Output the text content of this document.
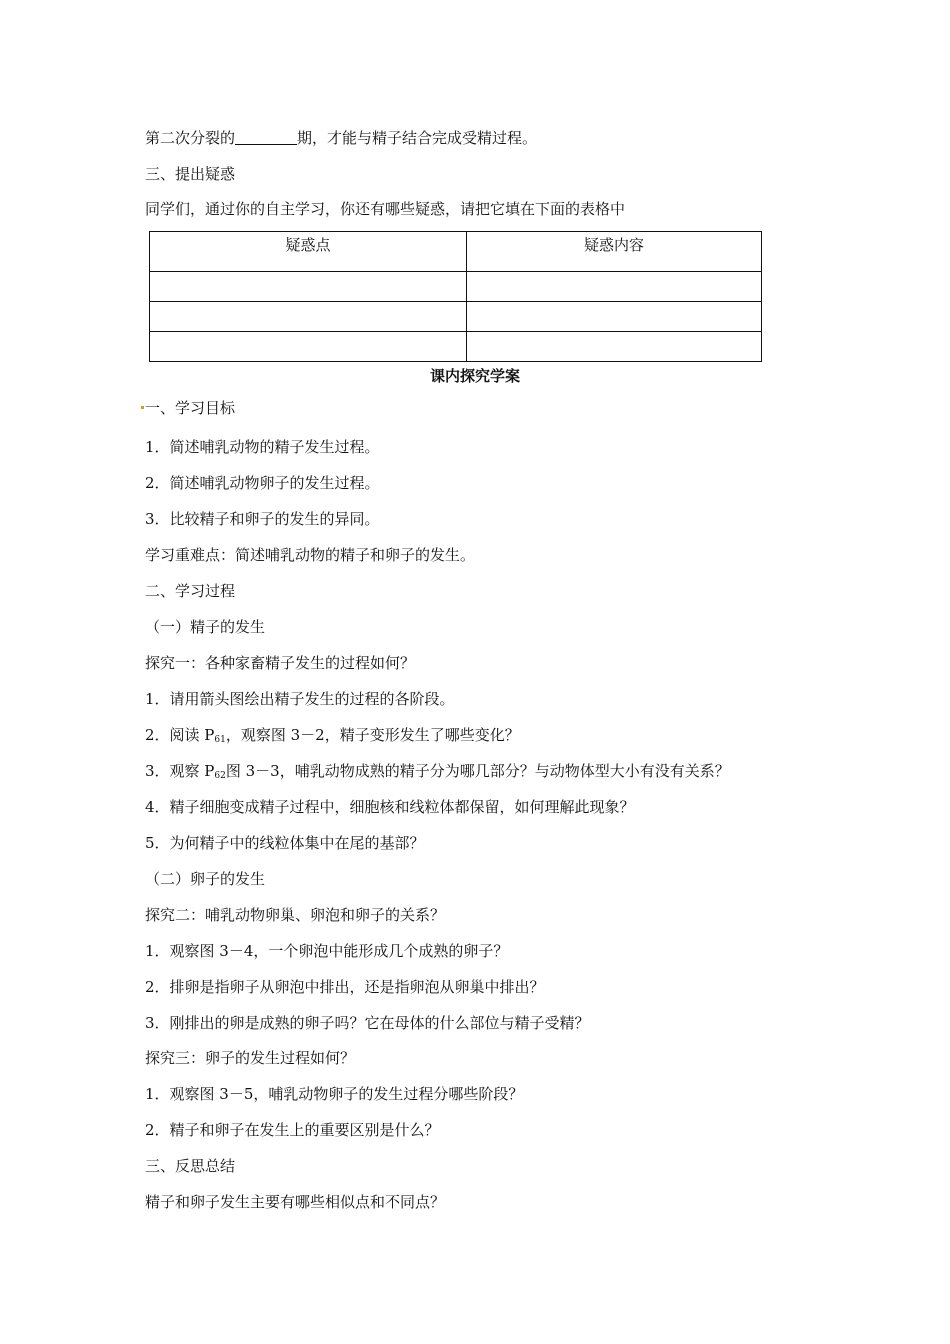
第二次分裂的	期，才能与精子结合完成受精过程。
三、提出疑惑
同学们，通过你的自主学习，你还有哪些疑惑，请把它填在下面的表格中
疑惑点	疑惑内容

课内探究学案
一、学习目标
1．简述哺乳动物的精子发生过程。
2．简述哺乳动物卵子的发生过程。
3．比较精子和卵子的发生的异同。
学习重难点：简述哺乳动物的精子和卵子的发生。
二、学习过程
（一）精子的发生
探究一：各种家畜精子发生的过程如何？
1．请用箭头图绘出精子发生的过程的各阶段。
2．阅读 $P_{61}$，观察图 3－2，精子变形发生了哪些变化？
3．观察 $P_{62}$图 3－3，哺乳动物成熟的精子分为哪几部分？与动物体型大小有没有关系？
4．精子细胞变成精子过程中，细胞核和线粒体都保留，如何理解此现象？
5．为何精子中的线粒体集中在尾的基部？
（二）卵子的发生
探究二：哺乳动物卵巢、卵泡和卵子的关系？
1．观察图 3－4，一个卵泡中能形成几个成熟的卵子？
2．排卵是指卵子从卵泡中排出，还是指卵泡从卵巢中排出？
3．刚排出的卵是成熟的卵子吗？它在母体的什么部位与精子受精？
探究三：卵子的发生过程如何？
1．观察图 3－5，哺乳动物卵子的发生过程分哪些阶段？
2．精子和卵子在发生上的重要区别是什么？
三、反思总结
精子和卵子发生主要有哪些相似点和不同点？
